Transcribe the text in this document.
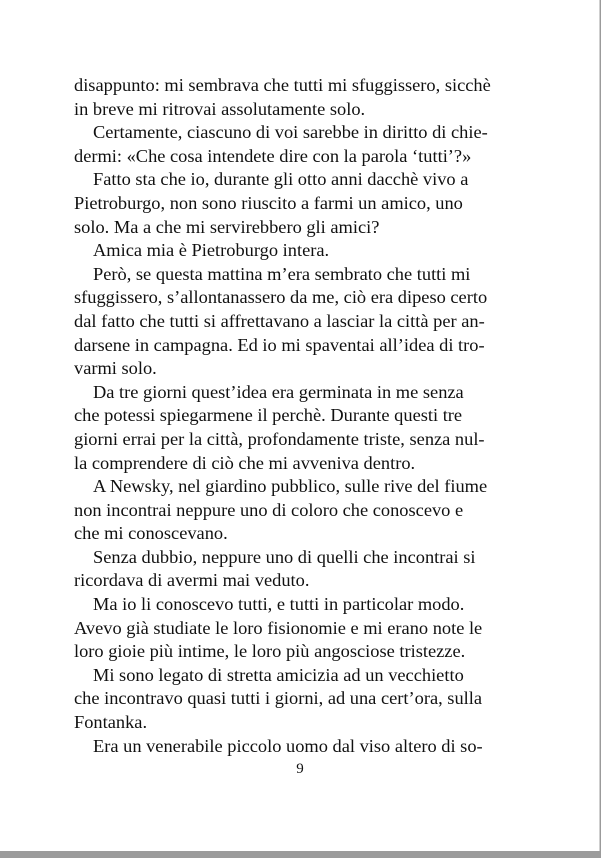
disappunto: mi sembrava che tutti mi sfuggissero, sicchè
in breve mi ritrovai assolutamente solo.

Certamente, ciascuno di voi sarebbe in diritto di chie-
dermi: «Che cosa intendete dire con la parola ‘tutti’?»

Fatto sta che io, durante gli otto anni dacchè vivo a
Pietroburgo, non sono riuscito a farmi un amico, uno
solo. Ma a che mi servirebbero gli amici?

Amica mia è Pietroburgo intera.

Però, se questa mattina m’era sembrato che tutti mi
sfuggissero, s’allontanassero da me, ciò era dipeso certo
dal fatto che tutti si affrettavano a lasciar la città per an-
darsene in campagna. Ed io mi spaventai all’idea di tro-
varmi solo.

Da tre giorni quest’idea era germinata in me senza
che potessi spiegarmene il perchè. Durante questi tre
giorni errai per la città, profondamente triste, senza nul-
la comprendere di ciò che mi avveniva dentro.

A Newsky, nel giardino pubblico, sulle rive del fiume
non incontrai neppure uno di coloro che conoscevo e
che mi conoscevano.

Senza dubbio, neppure uno di quelli che incontrai si
ricordava di avermi mai veduto.

Ma io li conoscevo tutti, e tutti in particolar modo.
Avevo già studiate le loro fisionomie e mi erano note le
loro gioie più intime, le loro più angosciose tristezze.

Mi sono legato di stretta amicizia ad un vecchietto
che incontravo quasi tutti i giorni, ad una cert’ora, sulla
Fontanka.

Era un venerabile piccolo uomo dal viso altero di so-

9
